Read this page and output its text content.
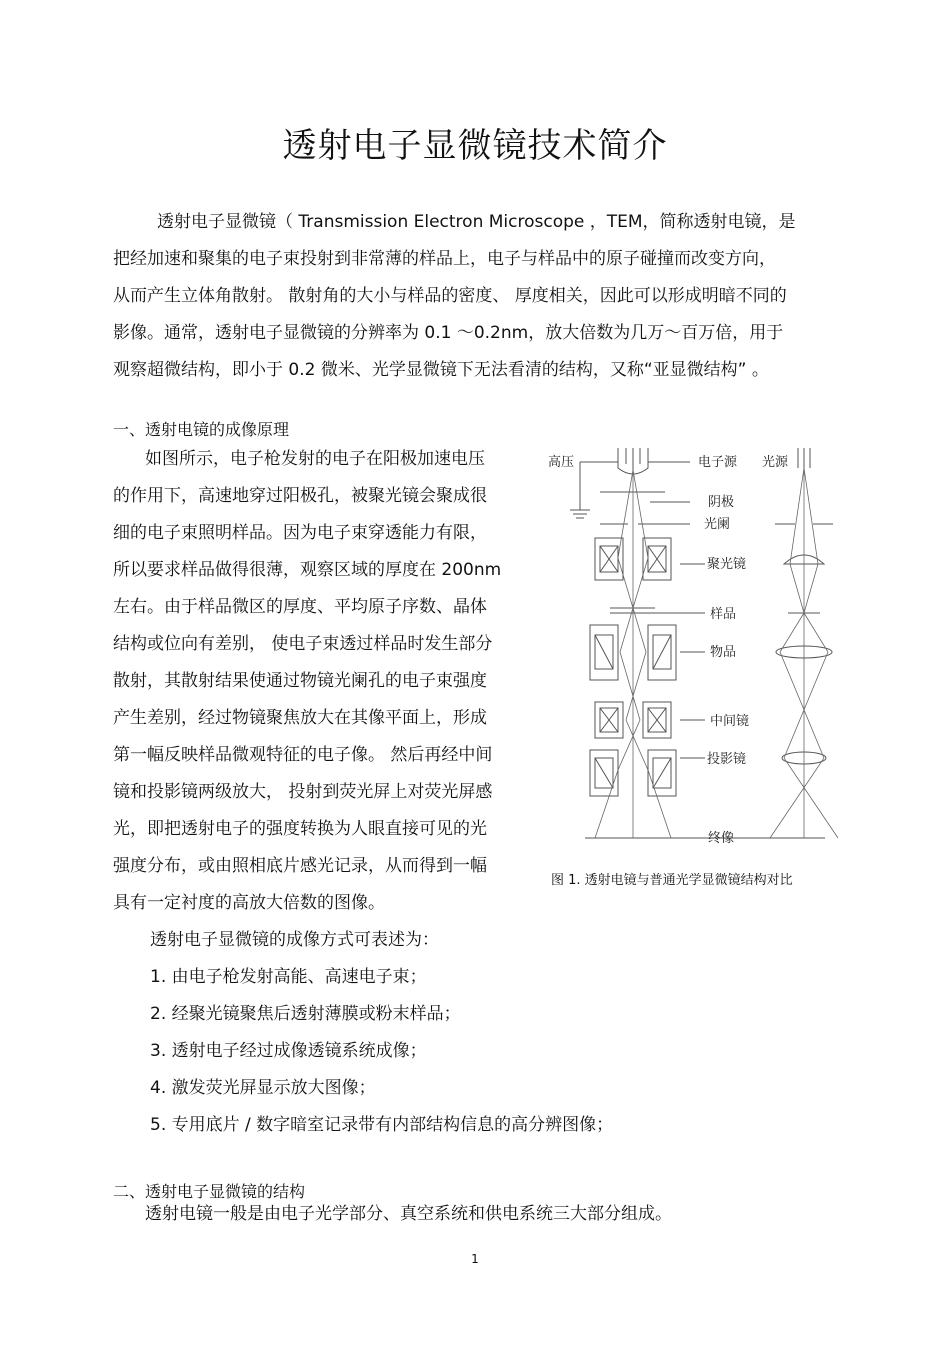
透射电子显微镜技术简介
透射电子显微镜（ Transmission Electron Microscope ，TEM，简称透射电镜，是
把经加速和聚集的电子束投射到非常薄的样品上，电子与样品中的原子碰撞而改变方向，
从而产生立体角散射。 散射角的大小与样品的密度、 厚度相关，因此可以形成明暗不同的
影像。通常，透射电子显微镜的分辨率为 0.1 ～0.2nm，放大倍数为几万～百万倍，用于
观察超微结构，即小于 0.2 微米、光学显微镜下无法看清的结构，又称“亚显微结构” 。
一、透射电镜的成像原理
如图所示，电子枪发射的电子在阳极加速电压
的作用下，高速地穿过阳极孔，被聚光镜会聚成很
细的电子束照明样品。因为电子束穿透能力有限，
所以要求样品做得很薄，观察区域的厚度在 200nm
左右。由于样品微区的厚度、平均原子序数、晶体
结构或位向有差别， 使电子束透过样品时发生部分
散射，其散射结果使通过物镜光阑孔的电子束强度
产生差别，经过物镜聚焦放大在其像平面上，形成
第一幅反映样品微观特征的电子像。 然后再经中间
镜和投影镜两级放大， 投射到荧光屏上对荧光屏感
光，即把透射电子的强度转换为人眼直接可见的光
强度分布，或由照相底片感光记录，从而得到一幅
具有一定衬度的高放大倍数的图像。
透射电子显微镜的成像方式可表述为：
1. 由电子枪发射高能、高速电子束；
2. 经聚光镜聚焦后透射薄膜或粉末样品；
3. 透射电子经过成像透镜系统成像；
4. 激发荧光屏显示放大图像；
5. 专用底片 / 数字暗室记录带有内部结构信息的高分辨图像；
高压	电子源 光源
阴极
光阑
聚光镜
样品
物品
中间镜
投影镜
终像
图 1. 透射电镜与普通光学显微镜结构对比
二、透射电子显微镜的结构
透射电镜一般是由电子光学部分、真空系统和供电系统三大部分组成。
1
